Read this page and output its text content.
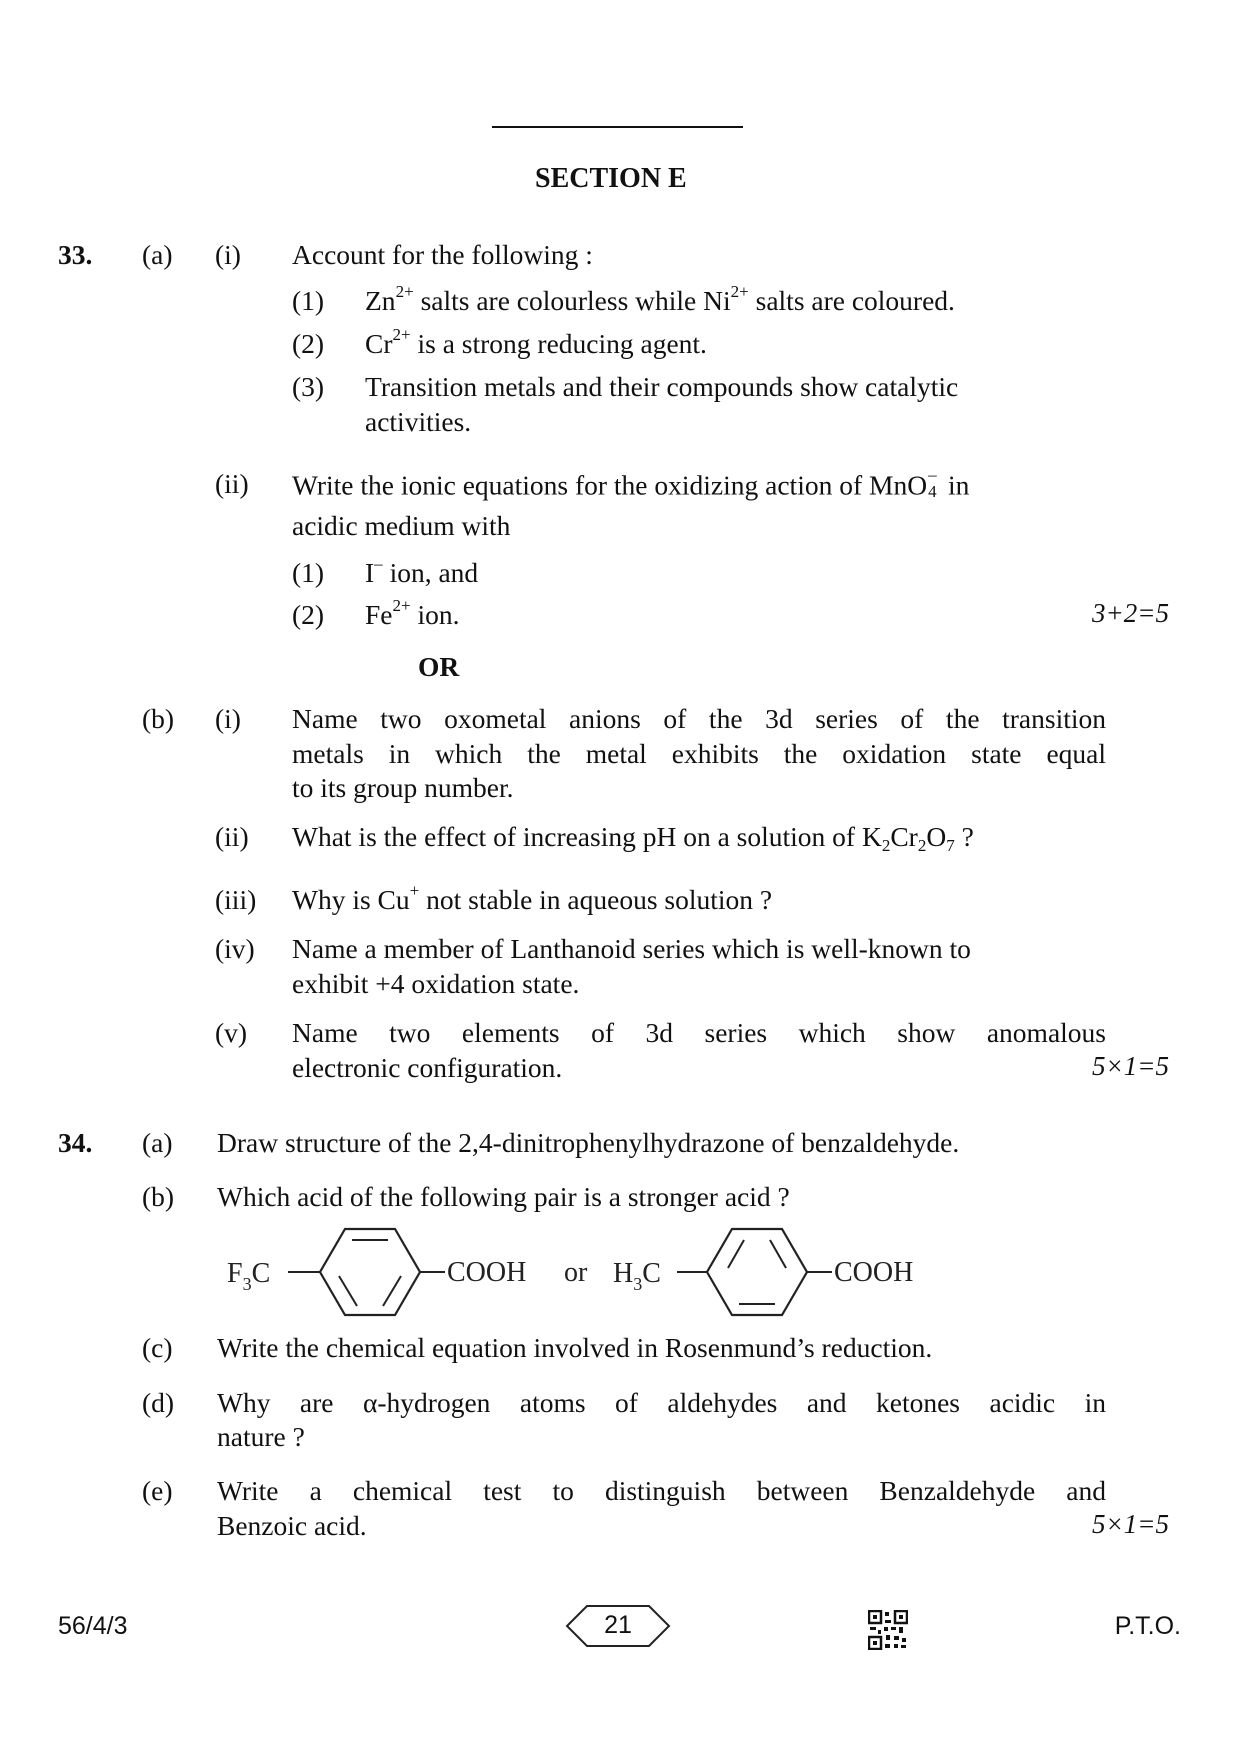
SECTION E
33. (a) (i) Account for the following :
(1) $Zn^{2+}$ salts are colourless while $Ni^{2+}$ salts are coloured.
(2) $Cr^{2+}$ is a strong reducing agent.
(3) Transition metals and their compounds show catalytic
activities.
(ii) Write the ionic equations for the oxidizing action of MnO –
4 in
acidic medium with
(1) I– ion, and
(2) $Fe^{2+}$ ion.	3+2=5
OR
(b) (i) Name two oxometal anions of the 3d series of the transition
metals in which the metal exhibits the oxidation state equal
to its group number.
(ii) What is the effect of increasing pH on a solution of $K_2Cr_2O_7$ ?
(iii) Why is Cu+ not stable in aqueous solution ?
(iv) Name a member of Lanthanoid series which is well-known to
exhibit +4 oxidation state.
(v) Name two elements of 3d series which show anomalous
electronic configuration.	5×1=5
34. (a) Draw structure of the 2,4-dinitrophenylhydrazone of benzaldehyde.
(b) Which acid of the following pair is a stronger acid ?
$F_3C$	COOH or $H_3C$	COOH
(c) Write the chemical equation involved in Rosenmund’s reduction.
(d) Why are α-hydrogen atoms of aldehydes and ketones acidic in
nature ?
(e) Write a chemical test to distinguish between Benzaldehyde and
Benzoic acid.	5×1=5
56/4/3	21	P.T.O.
